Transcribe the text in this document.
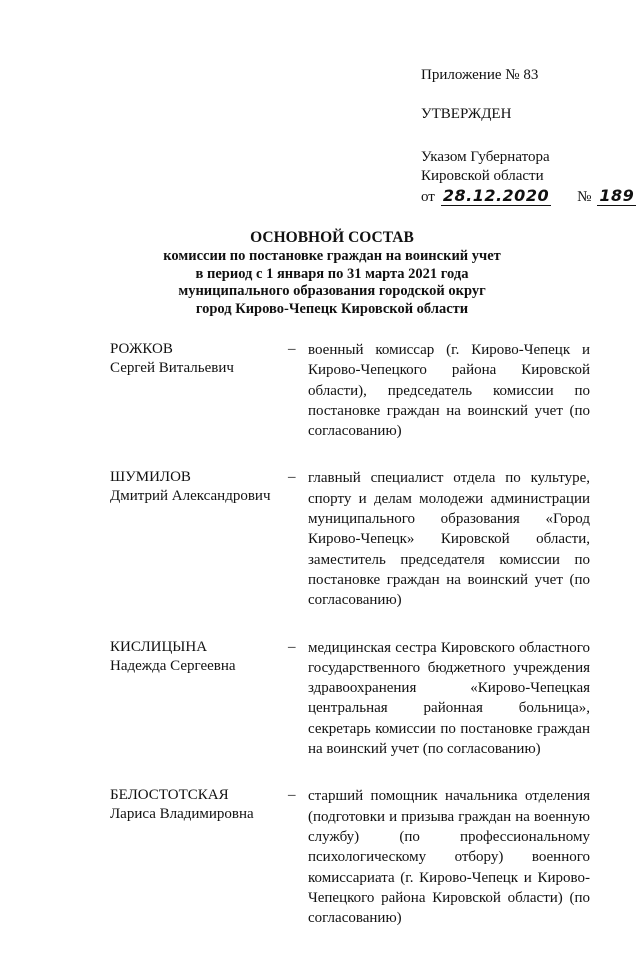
Приложение № 83
УТВЕРЖДЕН
Указом Губернатора
Кировской области
от 28.12.2020 № 189
ОСНОВНОЙ СОСТАВ
комиссии по постановке граждан на воинский учет
в период с 1 января по 31 марта 2021 года
муниципального образования городской округ
город Кирово-Чепецк Кировской области
РОЖКОВ
Сергей Витальевич
– военный комиссар (г. Кирово-Чепецк и Кирово-Чепецкого района Кировской области), председатель комиссии по постановке граждан на воинский учет (по согласованию)
ШУМИЛОВ
Дмитрий Александрович
– главный специалист отдела по культуре, спорту и делам молодежи администрации муниципального образования «Город Кирово-Чепецк» Кировской области, заместитель председателя комиссии по постановке граждан на воинский учет (по согласованию)
КИСЛИЦЫНА
Надежда Сергеевна
– медицинская сестра Кировского областного государственного бюджетного учреждения здравоохранения «Кирово-Чепецкая центральная районная больница», секретарь комиссии по постановке граждан на воинский учет (по согласованию)
БЕЛОСТОТСКАЯ
Лариса Владимировна
– старший помощник начальника отделения (подготовки и призыва граждан на военную службу) (по профессиональному психологическому отбору) военного комиссариата (г. Кирово-Чепецк и Кирово-Чепецкого района Кировской области) (по согласованию)
